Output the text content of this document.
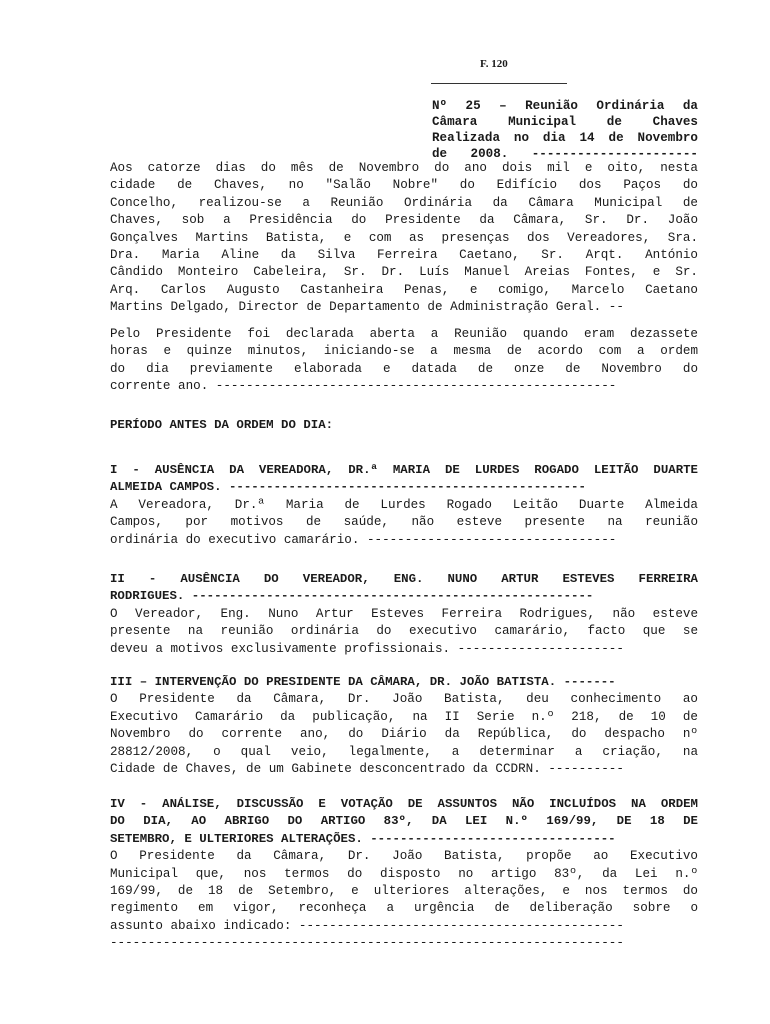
F. 120
Nº 25 – Reunião Ordinária da
Câmara Municipal de Chaves
Realizada no dia 14 de Novembro
de 2008. ----------------------
Aos catorze dias do mês de Novembro do ano dois mil e oito, nesta
cidade de Chaves, no "Salão Nobre" do Edifício dos Paços do
Concelho, realizou-se a Reunião Ordinária da Câmara Municipal de
Chaves, sob a Presidência do Presidente da Câmara, Sr. Dr. João
Gonçalves Martins Batista, e com as presenças dos Vereadores, Sra.
Dra. Maria Aline da Silva Ferreira Caetano, Sr. Arqt. António
Cândido Monteiro Cabeleira, Sr. Dr. Luís Manuel Areias Fontes, e Sr.
Arq. Carlos Augusto Castanheira Penas, e comigo, Marcelo Caetano
Martins Delgado, Director de Departamento de Administração Geral. --
Pelo Presidente foi declarada aberta a Reunião quando eram dezassete
horas e quinze minutos, iniciando-se a mesma de acordo com a ordem
do dia previamente elaborada e datada de onze de Novembro do
corrente ano. -----------------------------------------------------
PERÍODO ANTES DA ORDEM DO DIA:
I - AUSÊNCIA DA VEREADORA, DR.ª MARIA DE LURDES ROGADO LEITÃO DUARTE
ALMEIDA CAMPOS. ------------------------------------------------
A Vereadora, Dr.ª Maria de Lurdes Rogado Leitão Duarte Almeida
Campos, por motivos de saúde, não esteve presente na reunião
ordinária do executivo camarário. ---------------------------------
II - AUSÊNCIA DO VEREADOR, ENG. NUNO ARTUR ESTEVES FERREIRA
RODRIGUES. ------------------------------------------------------
O Vereador, Eng. Nuno Artur Esteves Ferreira Rodrigues, não esteve
presente na reunião ordinária do executivo camarário, facto que se
deveu a motivos exclusivamente profissionais. ----------------------
III – INTERVENÇÃO DO PRESIDENTE DA CÂMARA, DR. JOÃO BATISTA. -------
O Presidente da Câmara, Dr. João Batista, deu conhecimento ao
Executivo Camarário da publicação, na II Serie n.º 218, de 10 de
Novembro do corrente ano, do Diário da República, do despacho nº
28812/2008, o qual veio, legalmente, a determinar a criação, na
Cidade de Chaves, de um Gabinete desconcentrado da CCDRN. ----------
IV - ANÁLISE, DISCUSSÃO E VOTAÇÃO DE ASSUNTOS NÃO INCLUÍDOS NA ORDEM
DO DIA, AO ABRIGO DO ARTIGO 83º, DA LEI N.º 169/99, DE 18 DE
SETEMBRO, E ULTERIORES ALTERAÇÕES. ---------------------------------
O Presidente da Câmara, Dr. João Batista, propõe ao Executivo
Municipal que, nos termos do disposto no artigo 83º, da Lei n.º
169/99, de 18 de Setembro, e ulteriores alterações, e nos termos do
regimento em vigor, reconheça a urgência de deliberação sobre o
assunto abaixo indicado: -------------------------------------------
--------------------------------------------------------------------
